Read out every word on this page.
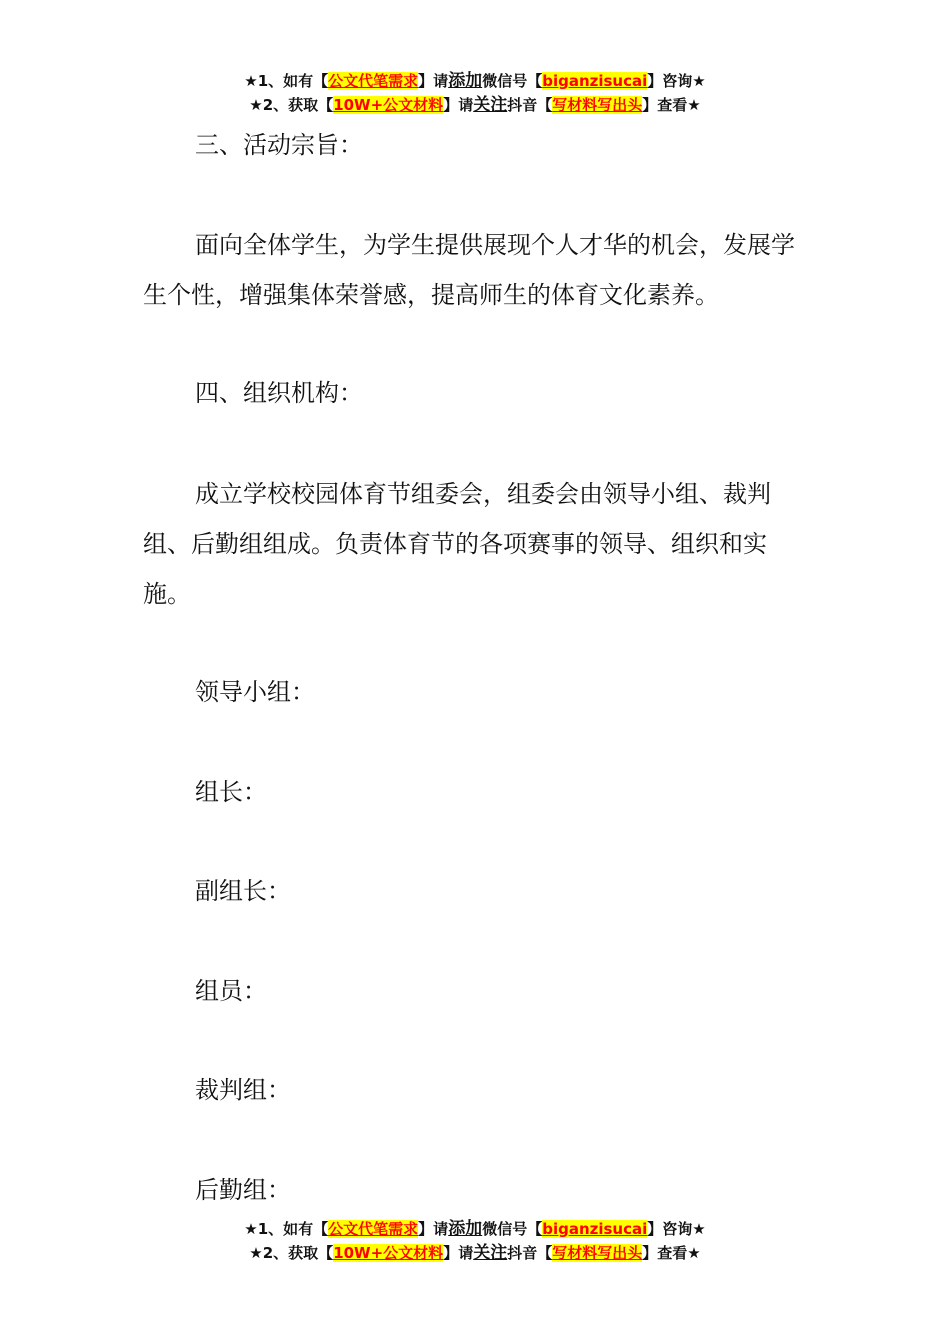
★1、如有【公文代笔需求】请添加微信号【biganzisucai】咨询★
★2、获取【10W+公文材料】请关注抖音【写材料写出头】查看★

三、活动宗旨：

面向全体学生，为学生提供展现个人才华的机会，发展学生个性，增强集体荣誉感，提高师生的体育文化素养。

四、组织机构：

成立学校校园体育节组委会，组委会由领导小组、裁判组、后勤组组成。负责体育节的各项赛事的领导、组织和实施。

领导小组：

组长：

副组长：

组员：

裁判组：

后勤组：

★1、如有【公文代笔需求】请添加微信号【biganzisucai】咨询★
★2、获取【10W+公文材料】请关注抖音【写材料写出头】查看★
